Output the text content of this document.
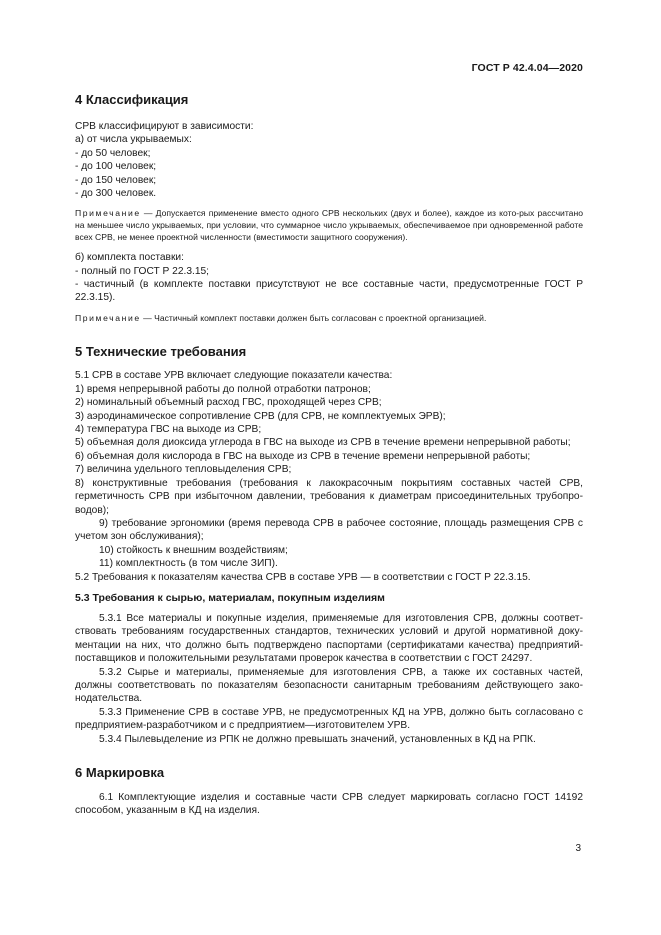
ГОСТ Р 42.4.04—2020
4 Классификация

СРВ классифицируют в зависимости:

а) от числа укрываемых:

- до 50 человек;

- до 100 человек;

- до 150 человек;

- до 300 человек.

Примечание — Допускается применение вместо одного СРВ нескольких (двух и более), каждое из кото-рых рассчитано на меньшее число укрываемых, при условии, что суммарное число укрываемых, обеспечиваемое при одновременной работе всех СРВ, не менее проектной численности (вместимости защитного сооружения).

б) комплекта поставки:

- полный по ГОСТ Р 22.3.15;

- частичный (в комплекте поставки присутствуют не все составные части, предусмотренные ГОСТ Р 22.3.15).

Примечание — Частичный комплект поставки должен быть согласован с проектной организацией.

5 Технические требования

5.1 СРВ в составе УРВ включает следующие показатели качества:

1) время непрерывной работы до полной отработки патронов;

2) номинальный объемный расход ГВС, проходящей через СРВ;

3) аэродинамическое сопротивление СРВ (для СРВ, не комплектуемых ЭРВ);

4) температура ГВС на выходе из СРВ;

5) объемная доля диоксида углерода в ГВС на выходе из СРВ в течение времени непрерывной работы;

6) объемная доля кислорода в ГВС на выходе из СРВ в течение времени непрерывной работы;

7) величина удельного тепловыделения СРВ;

8) конструктивные требования (требования к лакокрасочным покрытиям составных частей СРВ, герметичность СРВ при избыточном давлении, требования к диаметрам присоединительных трубопро-водов);

9) требование эргономики (время перевода СРВ в рабочее состояние, площадь размещения СРВ с учетом зон обслуживания);

10) стойкость к внешним воздействиям;

11) комплектность (в том числе ЗИП).

5.2 Требования к показателям качества СРВ в составе УРВ — в соответствии с ГОСТ Р 22.3.15.

5.3 Требования к сырью, материалам, покупным изделиям

5.3.1 Все материалы и покупные изделия, применяемые для изготовления СРВ, должны соответ-ствовать требованиям государственных стандартов, технических условий и другой нормативной доку-ментации на них, что должно быть подтверждено паспортами (сертификатами качества) предприятий-поставщиков и положительными результатами проверок качества в соответствии с ГОСТ 24297.

5.3.2 Сырье и материалы, применяемые для изготовления СРВ, а также их составных частей, должны соответствовать по показателям безопасности санитарным требованиям действующего зако-нодательства.

5.3.3 Применение СРВ в составе УРВ, не предусмотренных КД на УРВ, должно быть согласовано с предприятием-разработчиком и с предприятием—изготовителем УРВ.

5.3.4 Пылевыделение из РПК не должно превышать значений, установленных в КД на РПК.

6 Маркировка

6.1 Комплектующие изделия и составные части СРВ следует маркировать согласно ГОСТ 14192 способом, указанным в КД на изделия.

3
